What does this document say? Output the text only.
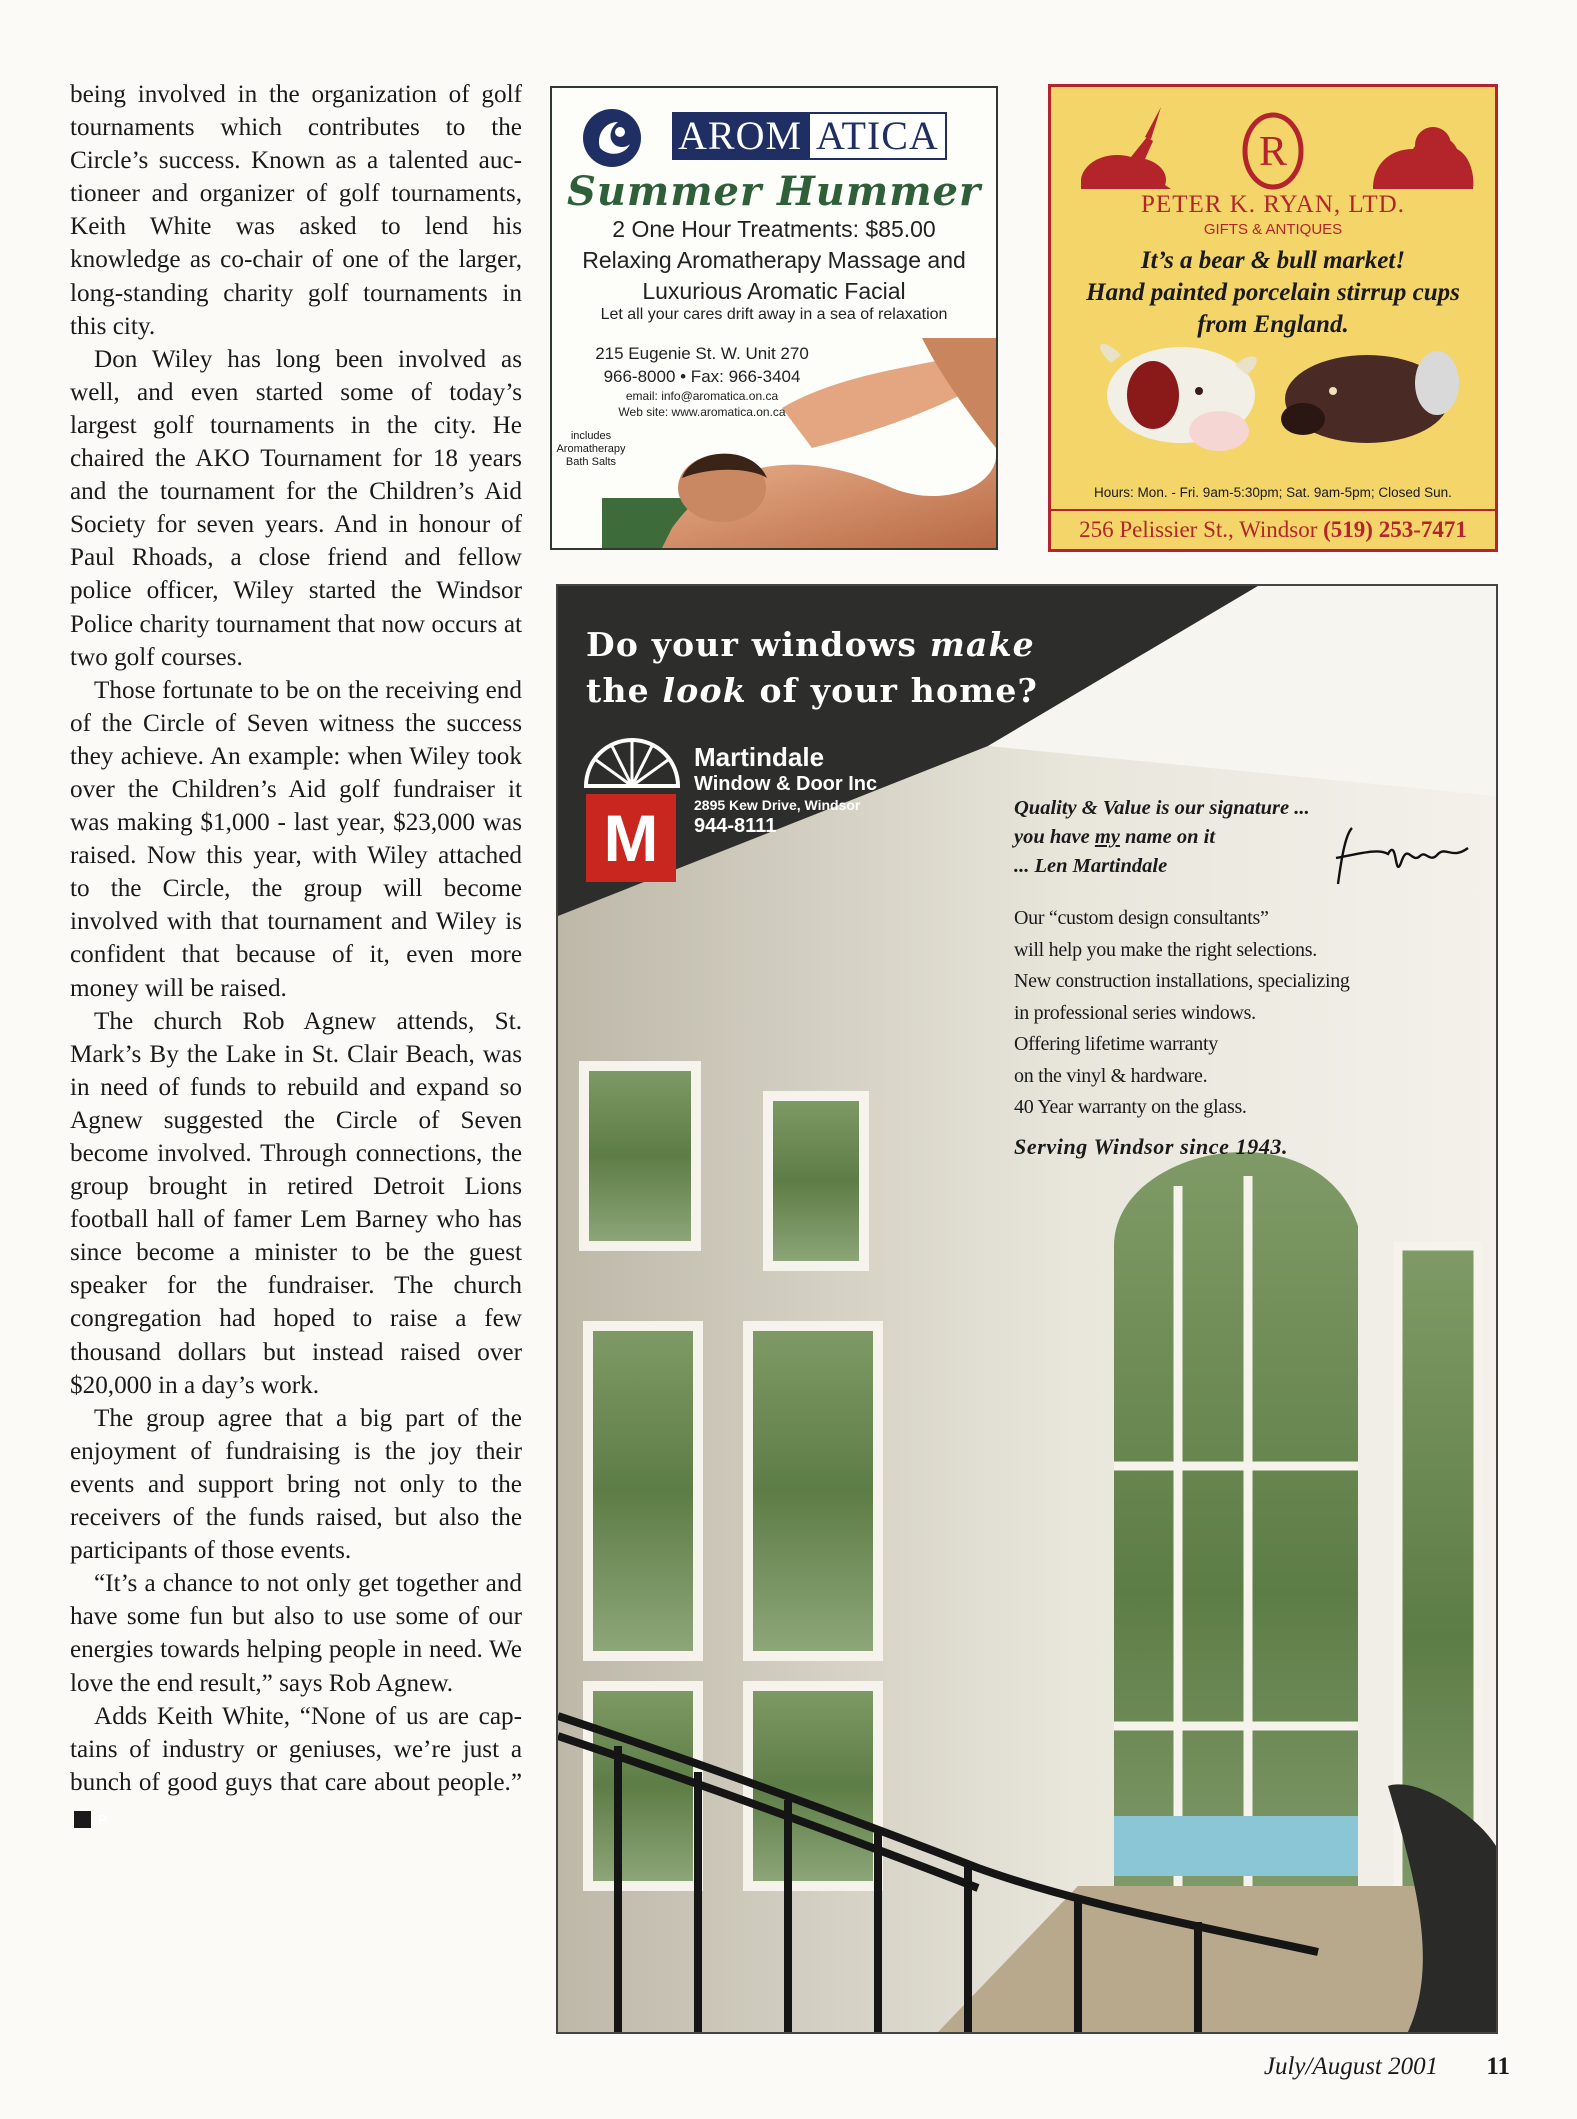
being involved in the organization of golf tournaments which contributes to the Circle’s success. Known as a talented auctioneer and organizer of golf tournaments, Keith White was asked to lend his knowledge as co-chair of one of the larger, long-standing charity golf tournaments in this city.

Don Wiley has long been involved as well, and even started some of today’s largest golf tournaments in the city. He chaired the AKO Tournament for 18 years and the tournament for the Children’s Aid Society for seven years. And in honour of Paul Rhoads, a close friend and fellow police officer, Wiley started the Windsor Police charity tournament that now occurs at two golf courses.

Those fortunate to be on the receiving end of the Circle of Seven witness the success they achieve. An example: when Wiley took over the Children’s Aid golf fundraiser it was making $1,000 - last year, $23,000 was raised. Now this year, with Wiley attached to the Circle, the group will become involved with that tournament and Wiley is confident that because of it, even more money will be raised.

The church Rob Agnew attends, St. Mark’s By the Lake in St. Clair Beach, was in need of funds to rebuild and expand so Agnew suggested the Circle of Seven become involved. Through connections, the group brought in retired Detroit Lions football hall of famer Lem Barney who has since become a minister to be the guest speaker for the fundraiser. The church congregation had hoped to raise a few thousand dollars but instead raised over $20,000 in a day’s work.

The group agree that a big part of the enjoyment of fundraising is the joy their events and support bring not only to the receivers of the funds raised, but also the participants of those events.

“It’s a chance to not only get together and have some fun but also to use some of our energies towards helping people in need. We love the end result,” says Rob Agnew.

Adds Keith White, “None of us are captains of industry or geniuses, we’re just a bunch of good guys that care about people.”P

AROM ATICA
Summer Hummer
2 One Hour Treatments: $85.00
Relaxing Aromatherapy Massage and
Luxurious Aromatic Facial
Let all your cares drift away in a sea of relaxation
215 Eugenie St. W. Unit 270
966-8000 • Fax: 966-3404
email: info@aromatica.on.ca
Web site: www.aromatica.on.ca
includes Aromatherapy Bath Salts
R
PETER K. RYAN, LTD.
GIFTS & ANTIQUES
It’s a bear & bull market!
Hand painted porcelain stirrup cups
from England.
Hours: Mon. - Fri. 9am-5:30pm; Sat. 9am-5pm; Closed Sun.
256 Pelissier St., Windsor (519) 253-7471
Do your windows make
the look of your home?
M
Martindale
Window & Door Inc
2895 Kew Drive, Windsor
944-8111
Quality & Value is our signature ...
you have my name on it
... Len Martindale
Our “custom design consultants”
will help you make the right selections.
New construction installations, specializing
in professional series windows.
Offering lifetime warranty
on the vinyl & hardware.
40 Year warranty on the glass.
Serving Windsor since 1943.
July/August 2001 11
